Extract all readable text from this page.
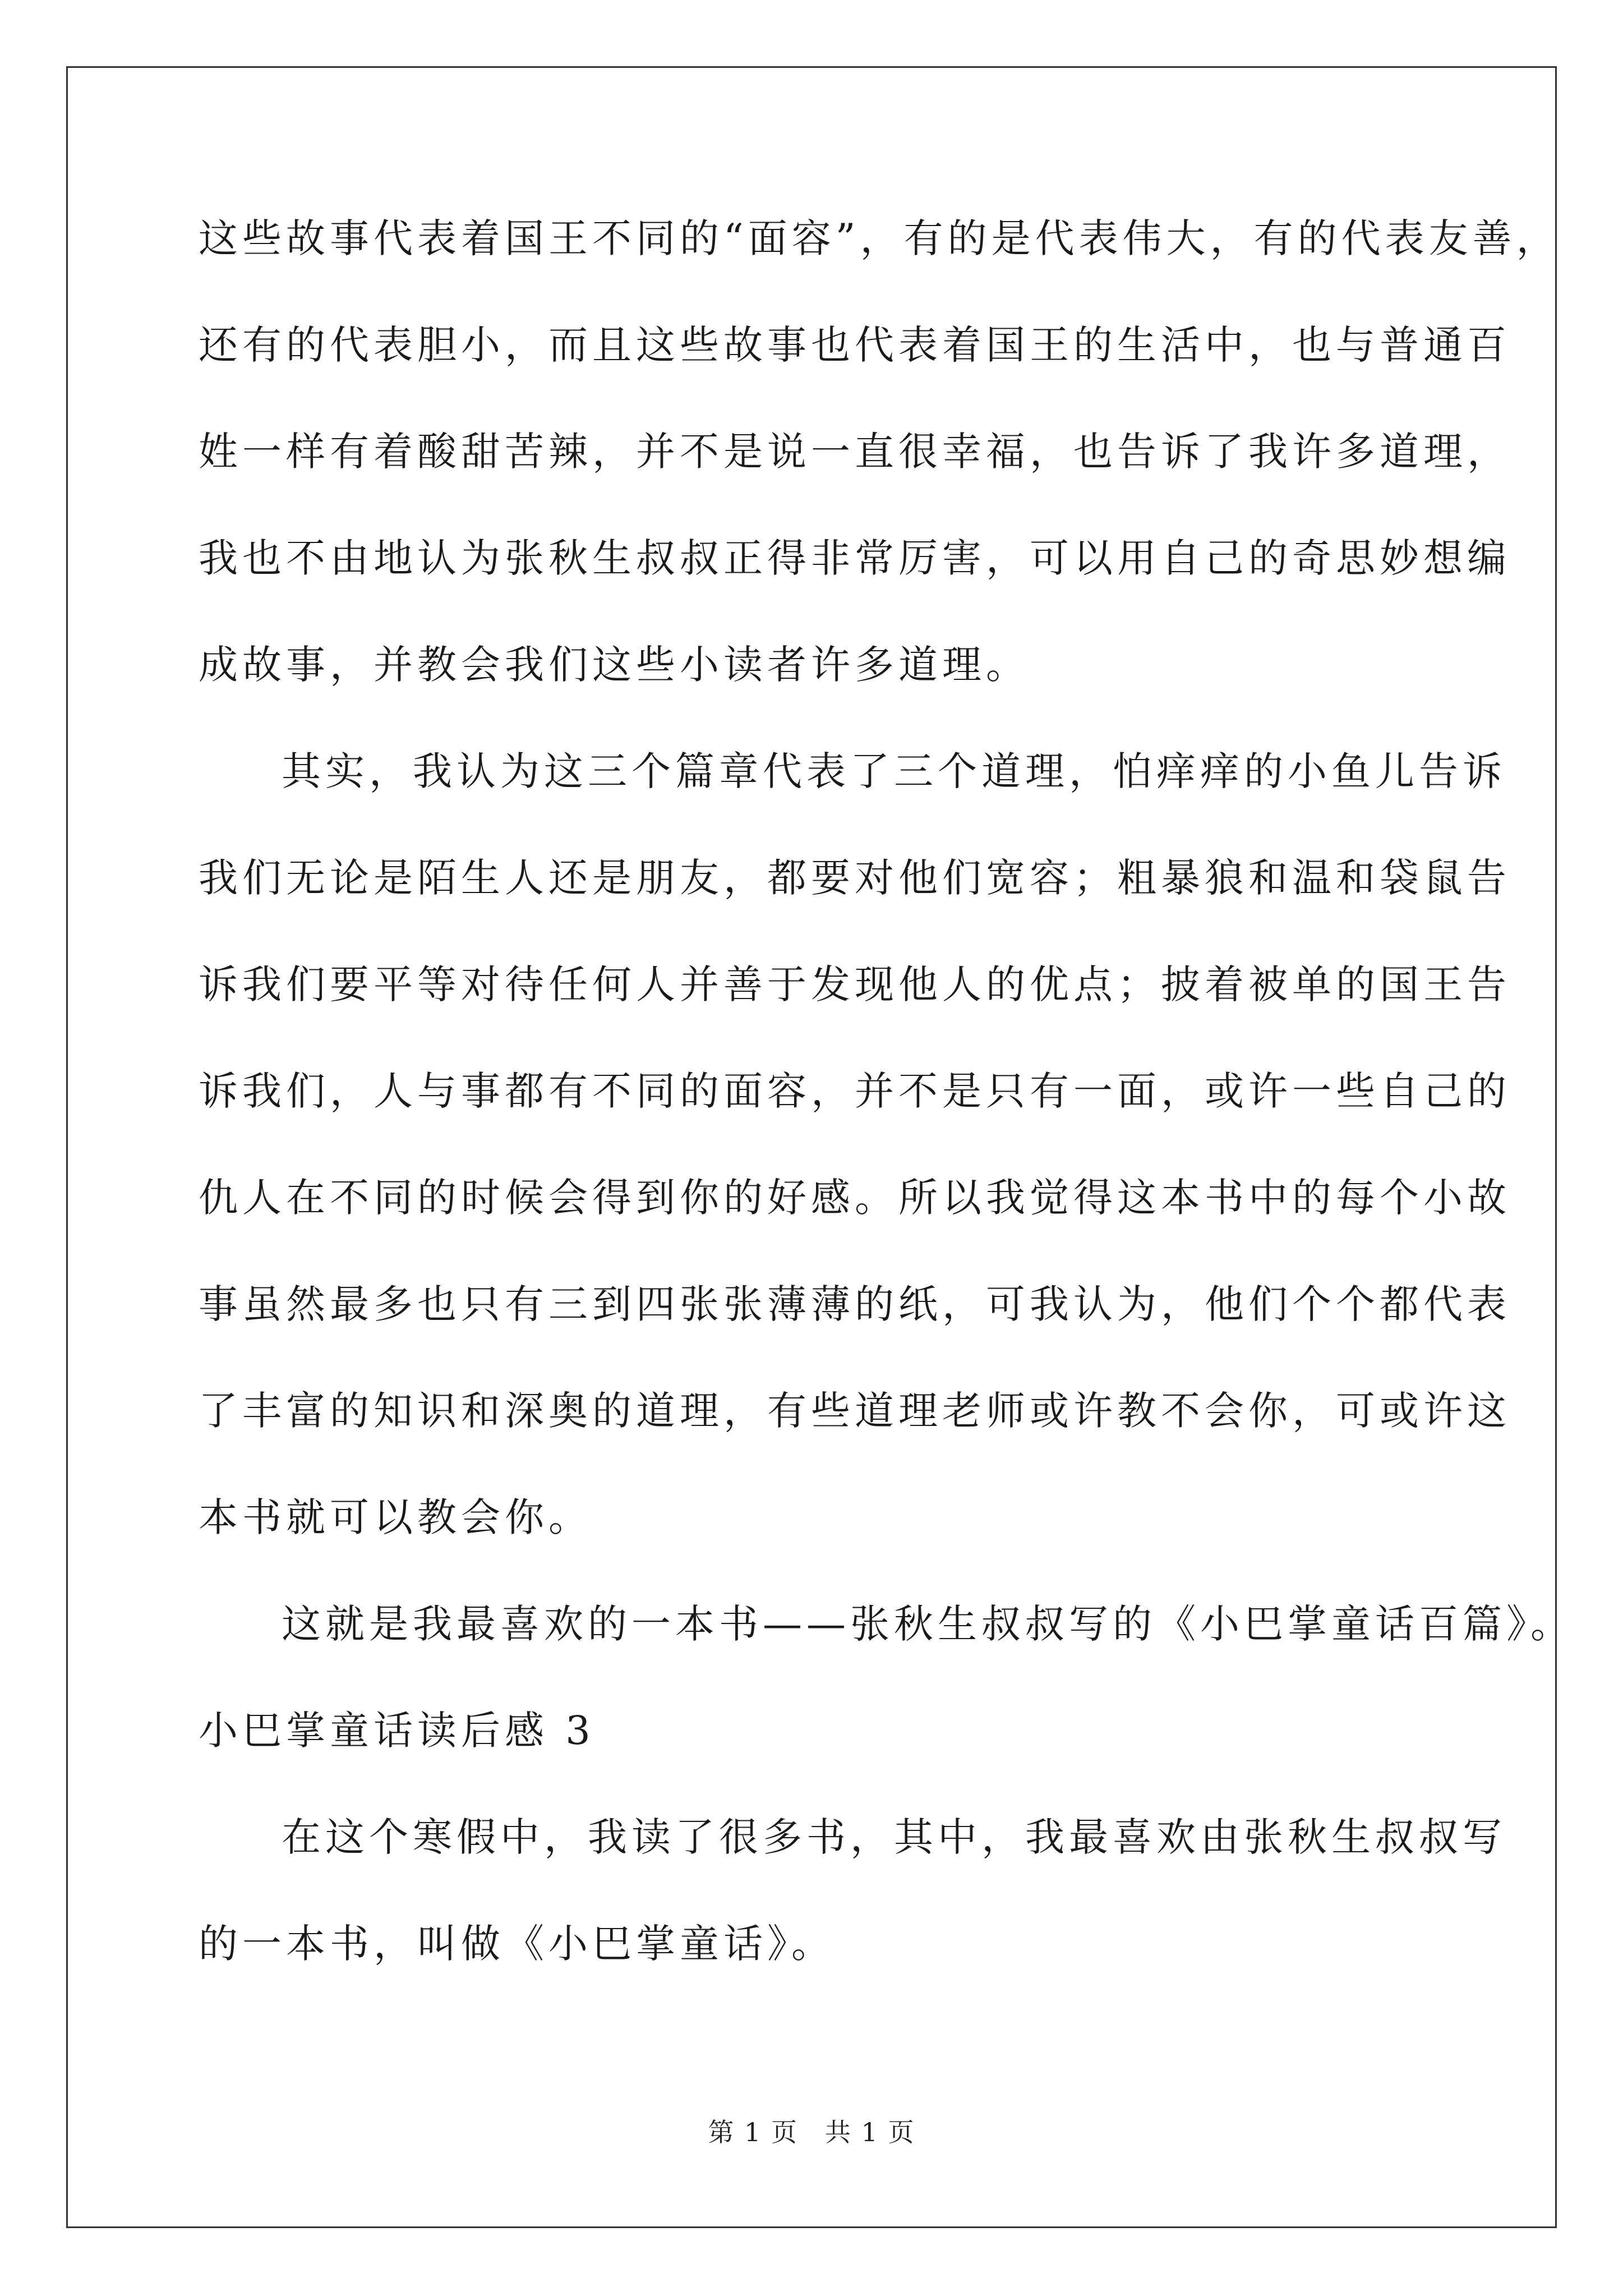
这些故事代表着国王不同的“面容”，有的是代表伟大，有的代表友善，
还有的代表胆小，而且这些故事也代表着国王的生活中，也与普通百
姓一样有着酸甜苦辣，并不是说一直很幸福，也告诉了我许多道理，
我也不由地认为张秋生叔叔正得非常厉害，可以用自己的奇思妙想编
成故事，并教会我们这些小读者许多道理。
其实，我认为这三个篇章代表了三个道理，怕痒痒的小鱼儿告诉
我们无论是陌生人还是朋友，都要对他们宽容；粗暴狼和温和袋鼠告
诉我们要平等对待任何人并善于发现他人的优点；披着被单的国王告
诉我们，人与事都有不同的面容，并不是只有一面，或许一些自己的
仇人在不同的时候会得到你的好感。所以我觉得这本书中的每个小故
事虽然最多也只有三到四张张薄薄的纸，可我认为，他们个个都代表
了丰富的知识和深奥的道理，有些道理老师或许教不会你，可或许这
本书就可以教会你。
这就是我最喜欢的一本书——张秋生叔叔写的《小巴掌童话百篇》。
小巴掌童话读后感 3
在这个寒假中，我读了很多书，其中，我最喜欢由张秋生叔叔写
的一本书，叫做《小巴掌童话》。
第 1 页　共 1 页
